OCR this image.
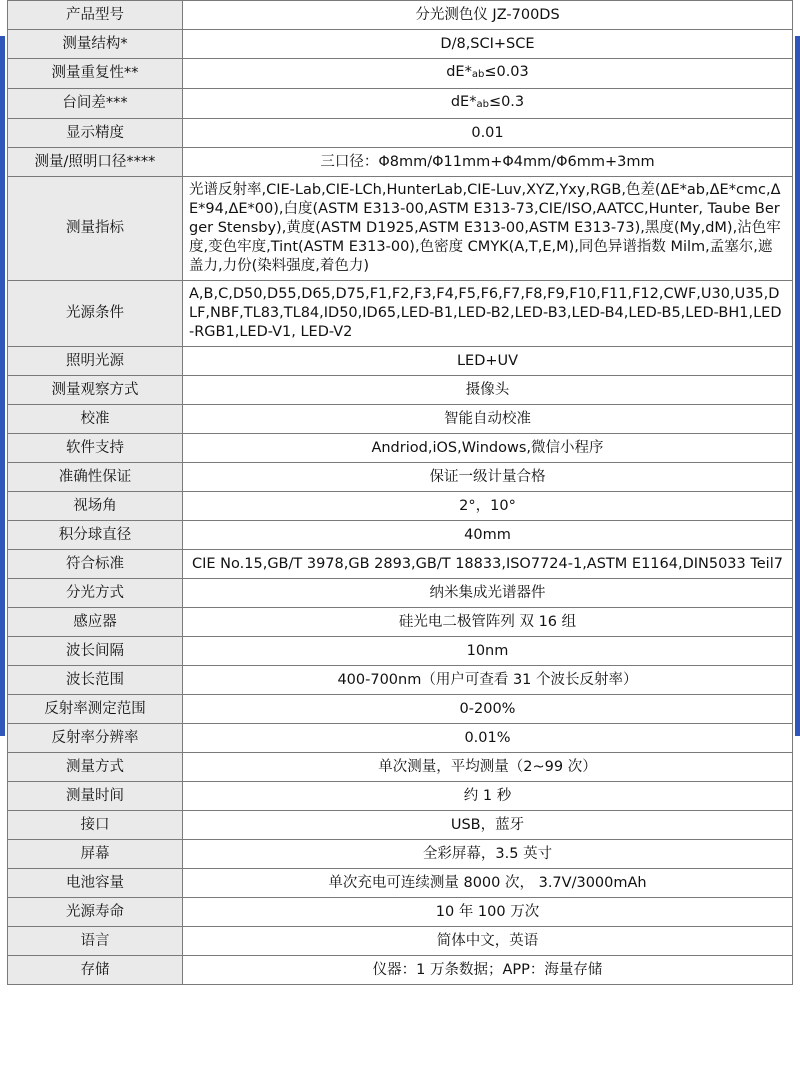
产品型号	分光测色仪 JZ-700DS
测量结构*	D/8,SCI+SCE
测量重复性**	$dE*_{ab}\le 0.03$
台间差***	$dE*_{ab}\le 0.3$
显示精度	0.01
测量/照明口径****	三口径：Φ8mm/Φ11mm+Φ4mm/Φ6mm+3mm
测量指标	光谱反射率,CIE-Lab,CIE-LCh,HunterLab,CIE-Luv,XYZ,Yxy,RGB,色差(ΔE*ab,ΔE*cmc,ΔE*94,ΔE*00),白度(ASTM E313-00,ASTM E313-73,CIE/ISO,AATCC,Hunter, Taube Berger Stensby),黄度(ASTM D1925,ASTM E313-00,ASTM E313-73),黑度(My,dM),沾色牢度,变色牢度,Tint(ASTM E313-00),色密度 CMYK(A,T,E,M),同色异谱指数 Milm,孟塞尔,遮盖力,力份(染料强度,着色力)
光源条件	A,B,C,D50,D55,D65,D75,F1,F2,F3,F4,F5,F6,F7,F8,F9,F10,F11,F12,CWF,U30,U35,DLF,NBF,TL83,TL84,ID50,ID65,LED-B1,LED-B2,LED-B3,LED-B4,LED-B5,LED-BH1,LED-RGB1,LED-V1, LED-V2
照明光源	LED+UV
测量观察方式	摄像头
校准	智能自动校准
软件支持	Andriod,iOS,Windows,微信小程序
准确性保证	保证一级计量合格
视场角	2°，10°
积分球直径	40mm
符合标准	CIE No.15,GB/T 3978,GB 2893,GB/T 18833,ISO7724-1,ASTM E1164,DIN5033 Teil7
分光方式	纳米集成光谱器件
感应器	硅光电二极管阵列 双 16 组
波长间隔	10nm
波长范围	400-700nm（用户可查看 31 个波长反射率）
反射率测定范围	0-200%
反射率分辨率	0.01%
测量方式	单次测量，平均测量（2~99 次）
测量时间	约 1 秒
接口	USB，蓝牙
屏幕	全彩屏幕，3.5 英寸
电池容量	单次充电可连续测量 8000 次， 3.7V/3000mAh
光源寿命	10 年 100 万次
语言	简体中文，英语
存储	仪器：1 万条数据；APP：海量存储
